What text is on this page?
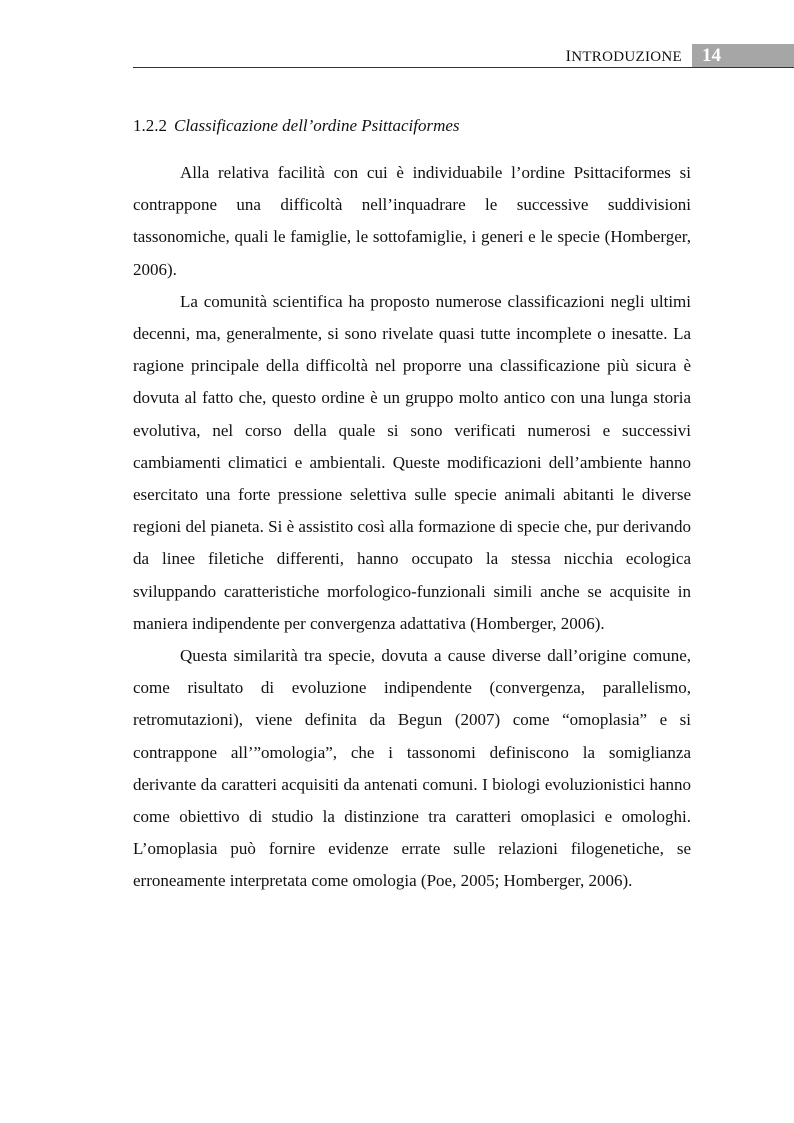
INTRODUZIONE 14
1.2.2 Classificazione dell’ordine Psittaciformes

Alla relativa facilità con cui è individuabile l’ordine Psittaciformes si contrappone una difficoltà nell’inquadrare le successive suddivisioni tassonomiche, quali le famiglie, le sottofamiglie, i generi e le specie (Homberger, 2006).

La comunità scientifica ha proposto numerose classificazioni negli ultimi decenni, ma, generalmente, si sono rivelate quasi tutte incomplete o inesatte. La ragione principale della difficoltà nel proporre una classificazione più sicura è dovuta al fatto che, questo ordine è un gruppo molto antico con una lunga storia evolutiva, nel corso della quale si sono verificati numerosi e successivi cambiamenti climatici e ambientali. Queste modificazioni dell’ambiente hanno esercitato una forte pressione selettiva sulle specie animali abitanti le diverse regioni del pianeta. Si è assistito così alla formazione di specie che, pur derivando da linee filetiche differenti, hanno occupato la stessa nicchia ecologica sviluppando caratteristiche morfologico-funzionali simili anche se acquisite in maniera indipendente per convergenza adattativa (Homberger, 2006).

Questa similarità tra specie, dovuta a cause diverse dall’origine comune, come risultato di evoluzione indipendente (convergenza, parallelismo, retromutazioni), viene definita da Begun (2007) come “omoplasia” e si contrappone all’”omologia”, che i tassonomi definiscono la somiglianza derivante da caratteri acquisiti da antenati comuni. I biologi evoluzionistici hanno come obiettivo di studio la distinzione tra caratteri omoplasici e omologhi. L’omoplasia può fornire evidenze errate sulle relazioni filogenetiche, se erroneamente interpretata come omologia (Poe, 2005; Homberger, 2006).
